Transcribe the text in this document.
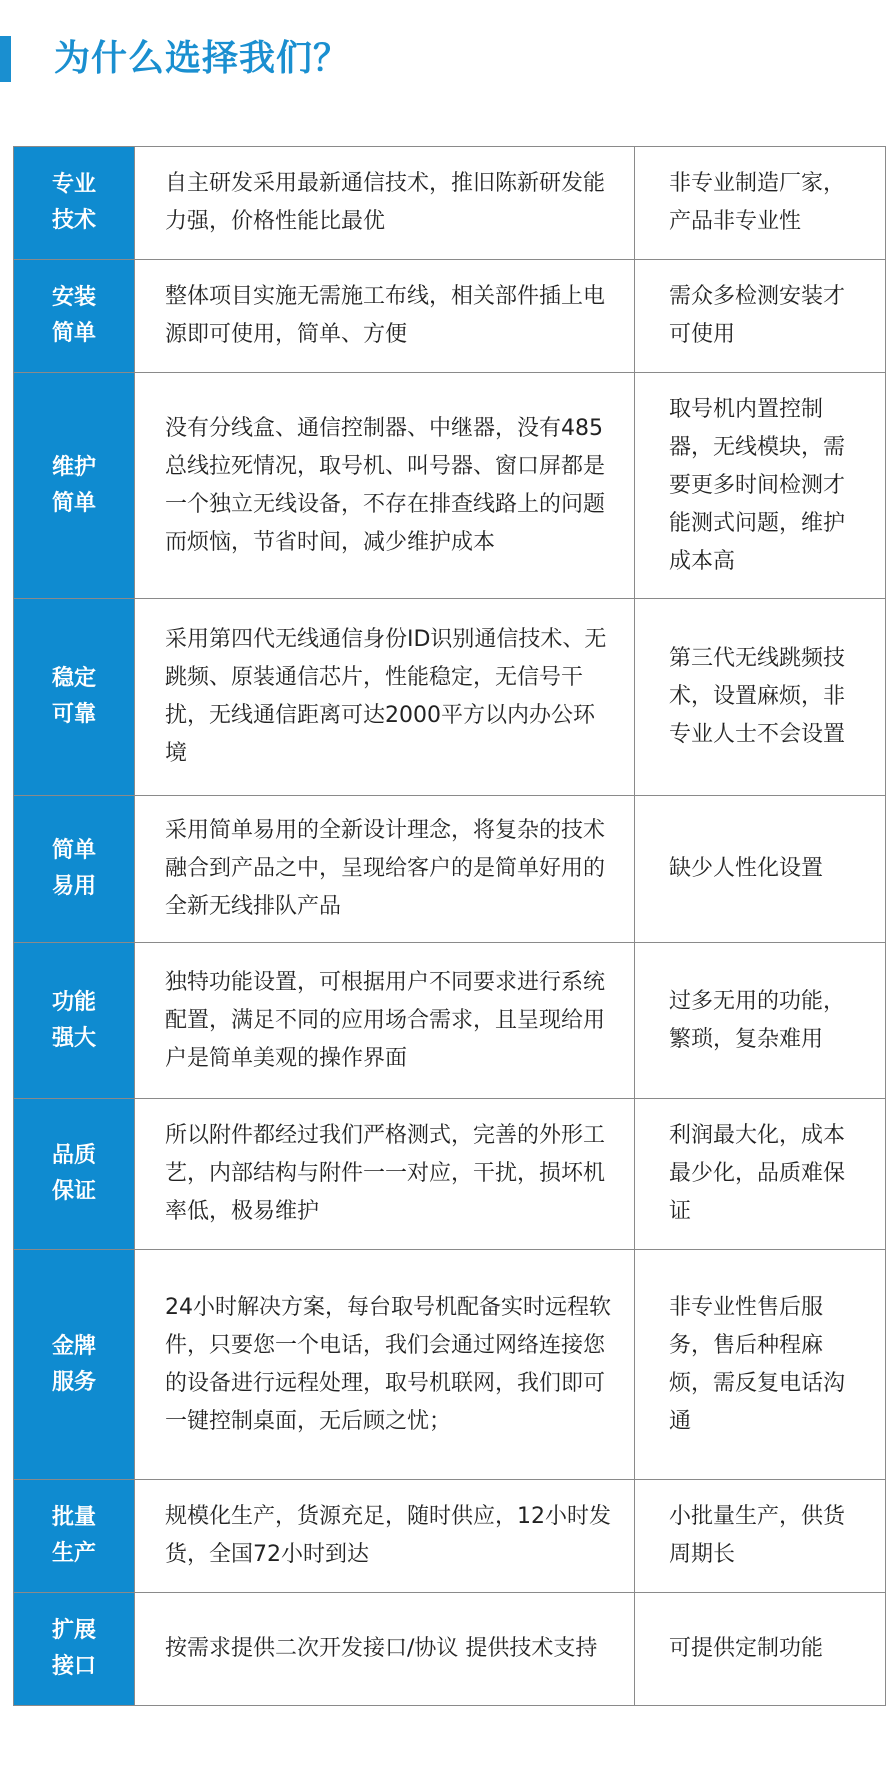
为什么选择我们？
专业技术	自主研发采用最新通信技术，推旧陈新研发能力强，价格性能比最优	非专业制造厂家，产品非专业性
安装简单	整体项目实施无需施工布线，相关部件插上电源即可使用，简单、方便	需众多检测安装才可使用
维护简单	没有分线盒、通信控制器、中继器，没有485总线拉死情况，取号机、叫号器、窗口屏都是一个独立无线设备，不存在排查线路上的问题而烦恼，节省时间，减少维护成本	取号机内置控制器，无线模块，需要更多时间检测才能测式问题，维护成本高
稳定可靠	采用第四代无线通信身份ID识别通信技术、无跳频、原装通信芯片，性能稳定，无信号干扰，无线通信距离可达2000平方以内办公环境	第三代无线跳频技术，设置麻烦，非专业人士不会设置
简单易用	采用简单易用的全新设计理念，将复杂的技术融合到产品之中，呈现给客户的是简单好用的全新无线排队产品	缺少人性化设置
功能强大	独特功能设置，可根据用户不同要求进行系统配置，满足不同的应用场合需求，且呈现给用户是简单美观的操作界面	过多无用的功能，繁琐，复杂难用
品质保证	所以附件都经过我们严格测式，完善的外形工艺，内部结构与附件一一对应，干扰，损坏机率低，极易维护	利润最大化，成本最少化，品质难保证
金牌服务	24小时解决方案，每台取号机配备实时远程软件，只要您一个电话，我们会通过网络连接您的设备进行远程处理，取号机联网，我们即可一键控制桌面，无后顾之忧；	非专业性售后服务，售后种程麻烦，需反复电话沟通
批量生产	规模化生产，货源充足，随时供应，12小时发货，全国72小时到达	小批量生产，供货周期长
扩展接口	按需求提供二次开发接口/协议 提供技术支持	可提供定制功能
